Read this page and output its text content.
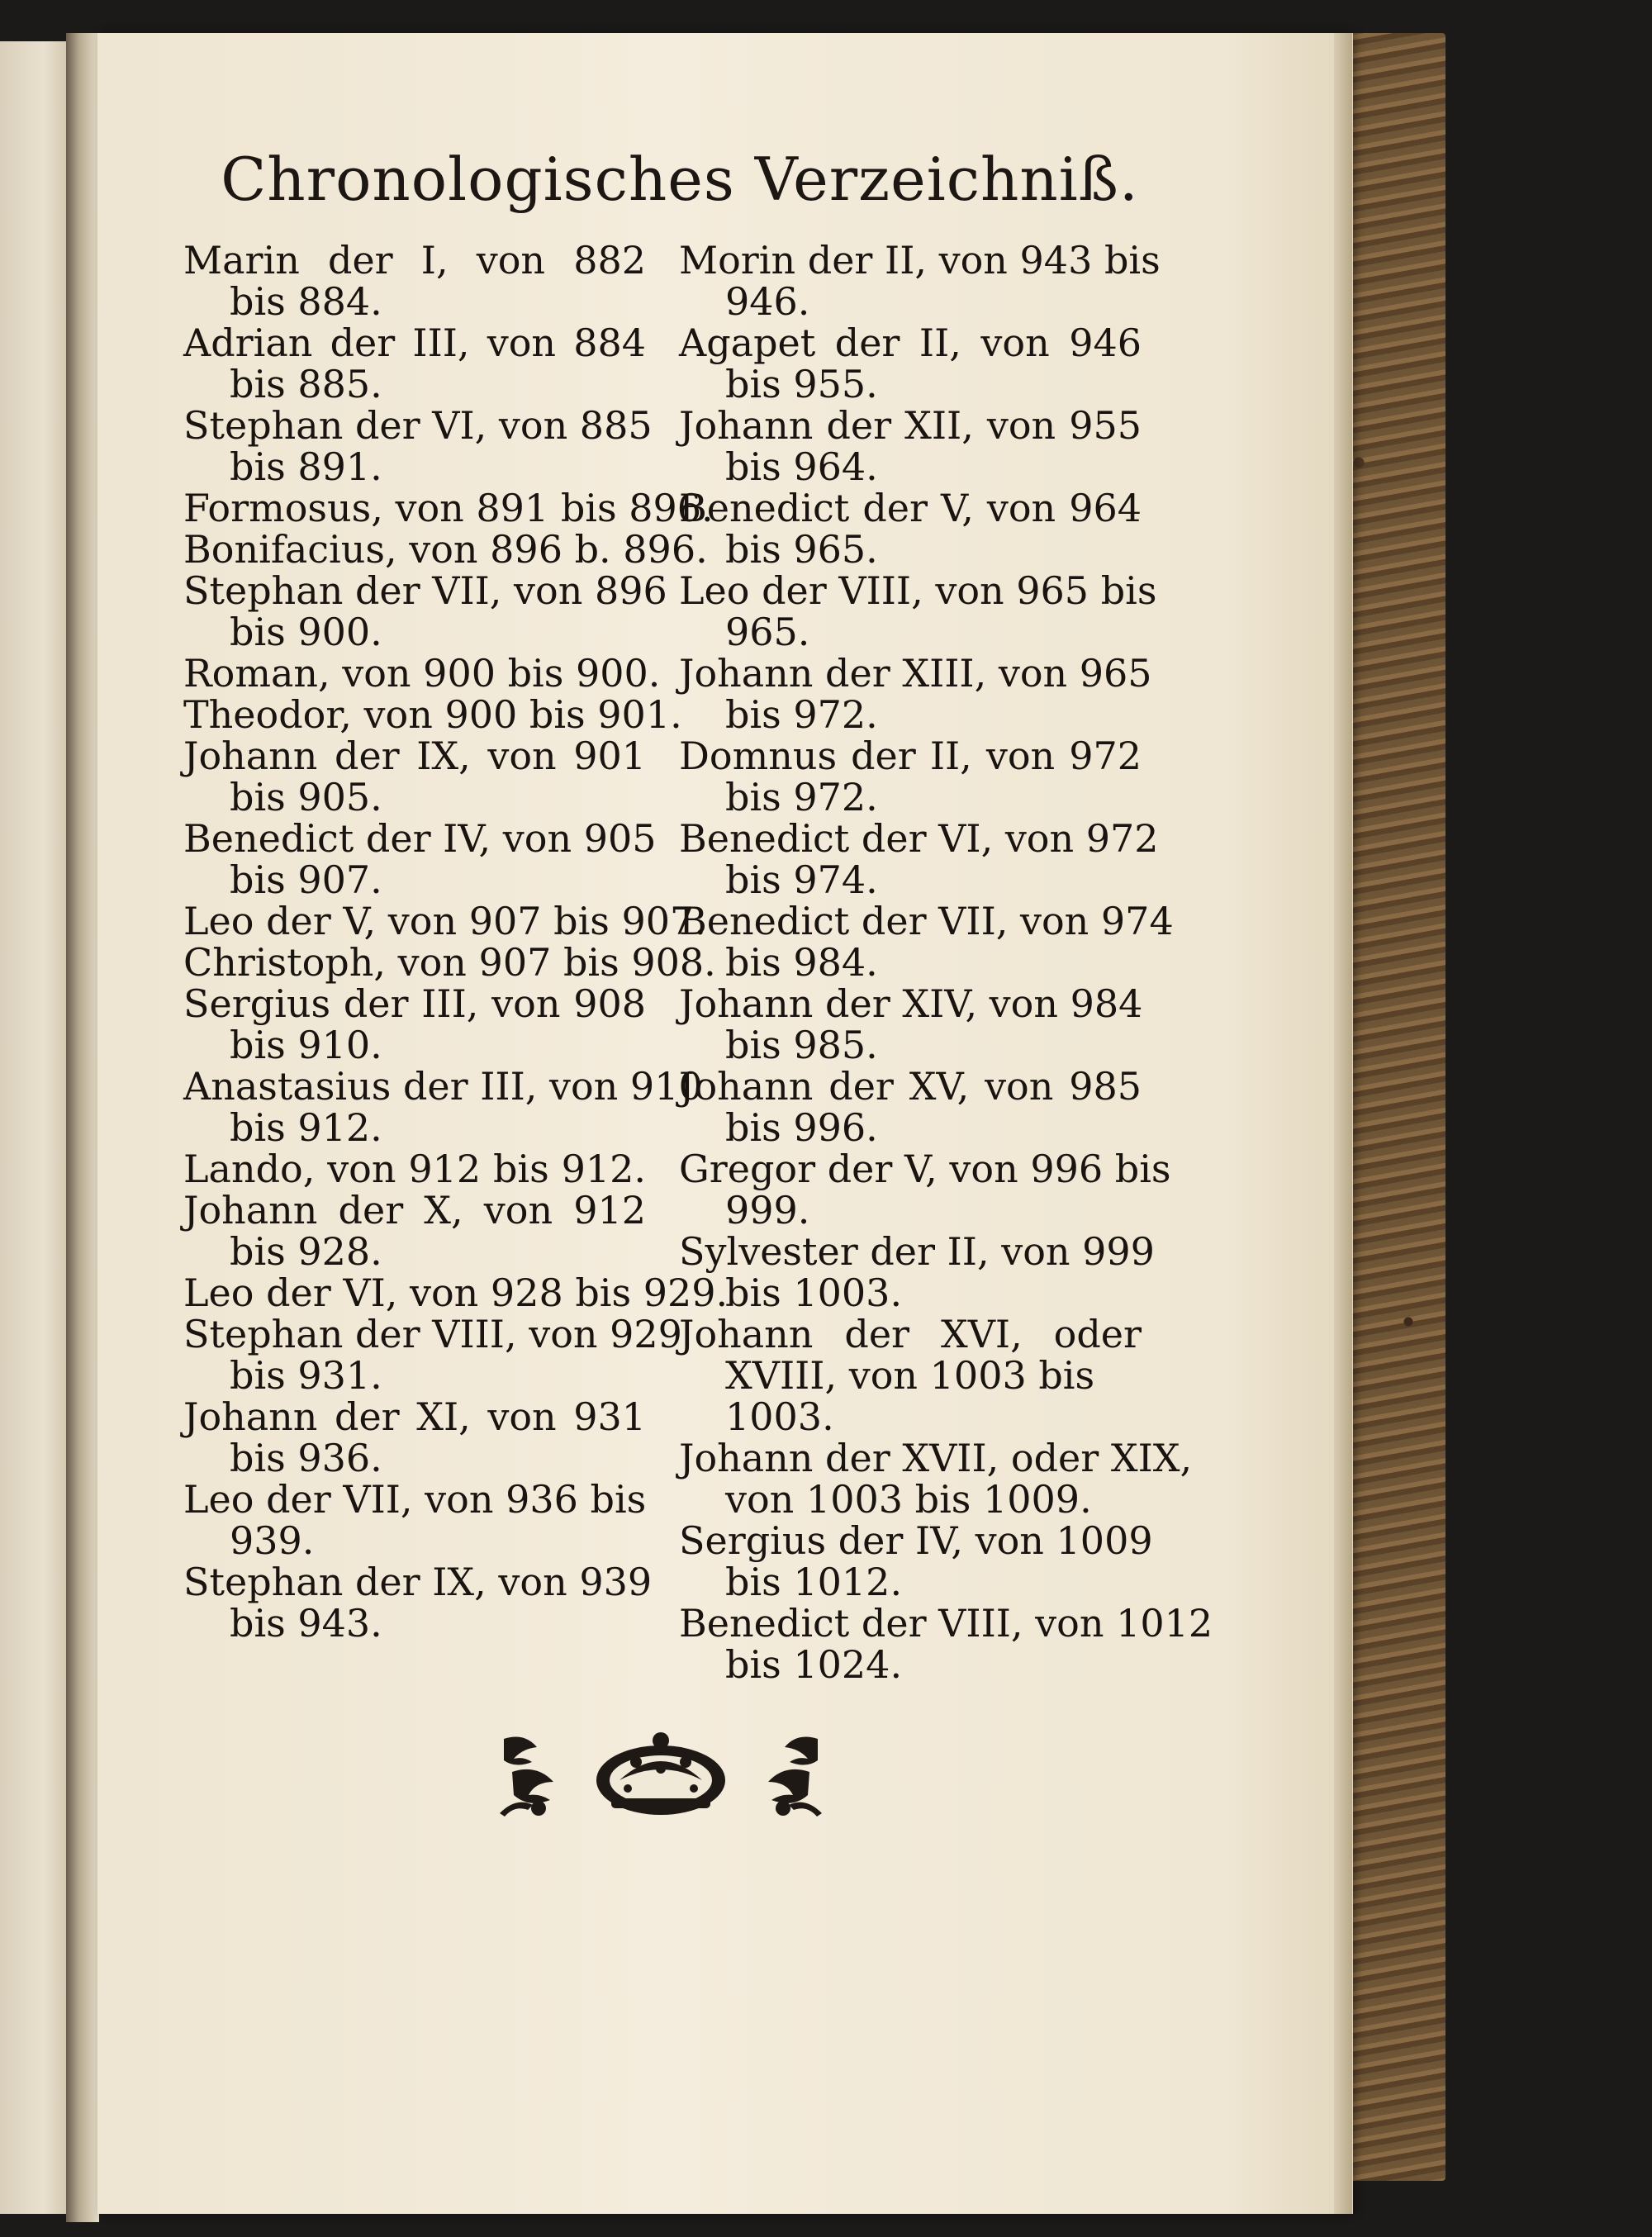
Chronologisches Verzeichniß.
Marin der I, von 882
bis 884.
Adrian der III, von 884
bis 885.
Stephan der VI, von 885
bis 891.
Formosus, von 891 bis 896.
Bonifacius, von 896 b. 896.
Stephan der VII, von 896
bis 900.
Roman, von 900 bis 900.
Theodor, von 900 bis 901.
Johann der IX, von 901
bis 905.
Benedict der IV, von 905
bis 907.
Leo der V, von 907 bis 907.
Christoph, von 907 bis 908.
Sergius der III, von 908
bis 910.
Anastasius der III, von 910
bis 912.
Lando, von 912 bis 912.
Johann der X, von 912
bis 928.
Leo der VI, von 928 bis 929.
Stephan der VIII, von 929
bis 931.
Johann der XI, von 931
bis 936.
Leo der VII, von 936 bis
939.
Stephan der IX, von 939
bis 943.
Morin der II, von 943 bis
946.
Agapet der II, von 946
bis 955.
Johann der XII, von 955
bis 964.
Benedict der V, von 964
bis 965.
Leo der VIII, von 965 bis
965.
Johann der XIII, von 965
bis 972.
Domnus der II, von 972
bis 972.
Benedict der VI, von 972
bis 974.
Benedict der VII, von 974
bis 984.
Johann der XIV, von 984
bis 985.
Johann der XV, von 985
bis 996.
Gregor der V, von 996 bis
999.
Sylvester der II, von 999
bis 1003.
Johann der XVI, oder
XVIII, von 1003 bis 1003.
Johann der XVII, oder XIX,
von 1003 bis 1009.
Sergius der IV, von 1009
bis 1012.
Benedict der VIII, von 1012
bis 1024.
